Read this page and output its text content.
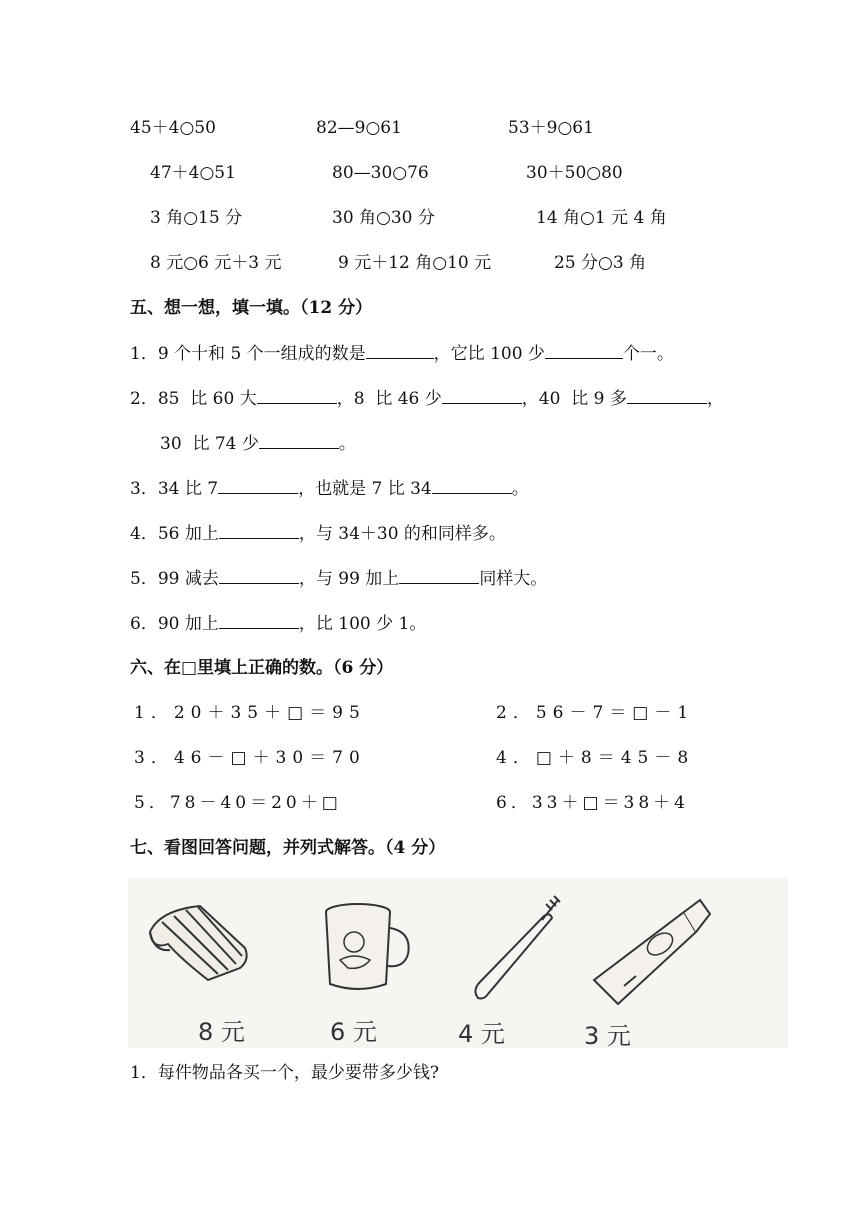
45＋4○50	82—9○61	53＋9○61
47＋4○51	80—30○76	30＋50○80
3 角○15 分	30 角○30 分	14 角○1 元 4 角
8 元○6 元＋3 元	9 元＋12 角○10 元	25 分○3 角
五、想一想，填一填。（12 分）
1．9 个十和 5 个一组成的数是	，它比 100 少	个一。
2．85  比 60 大	，8  比 46 少	，40  比 9 多	，
30  比 74 少	。
3．34 比 7	，也就是 7 比 34	。
4．56 加上	，与 34＋30 的和同样多。
5．99 减去	，与 99 加上	同样大。
6．90 加上	，比 100 少 1。
六、在□里填上正确的数。（6 分）
1．20＋35＋□＝95	2．56－7＝□－1
3．46－□＋30＝70	4．□＋8＝45－8
5．78－40＝20＋□	6．33＋□＝38＋4
七、看图回答问题，并列式解答。（4 分）
8 元	6 元	4 元	3 元
1．每件物品各买一个，最少要带多少钱?
